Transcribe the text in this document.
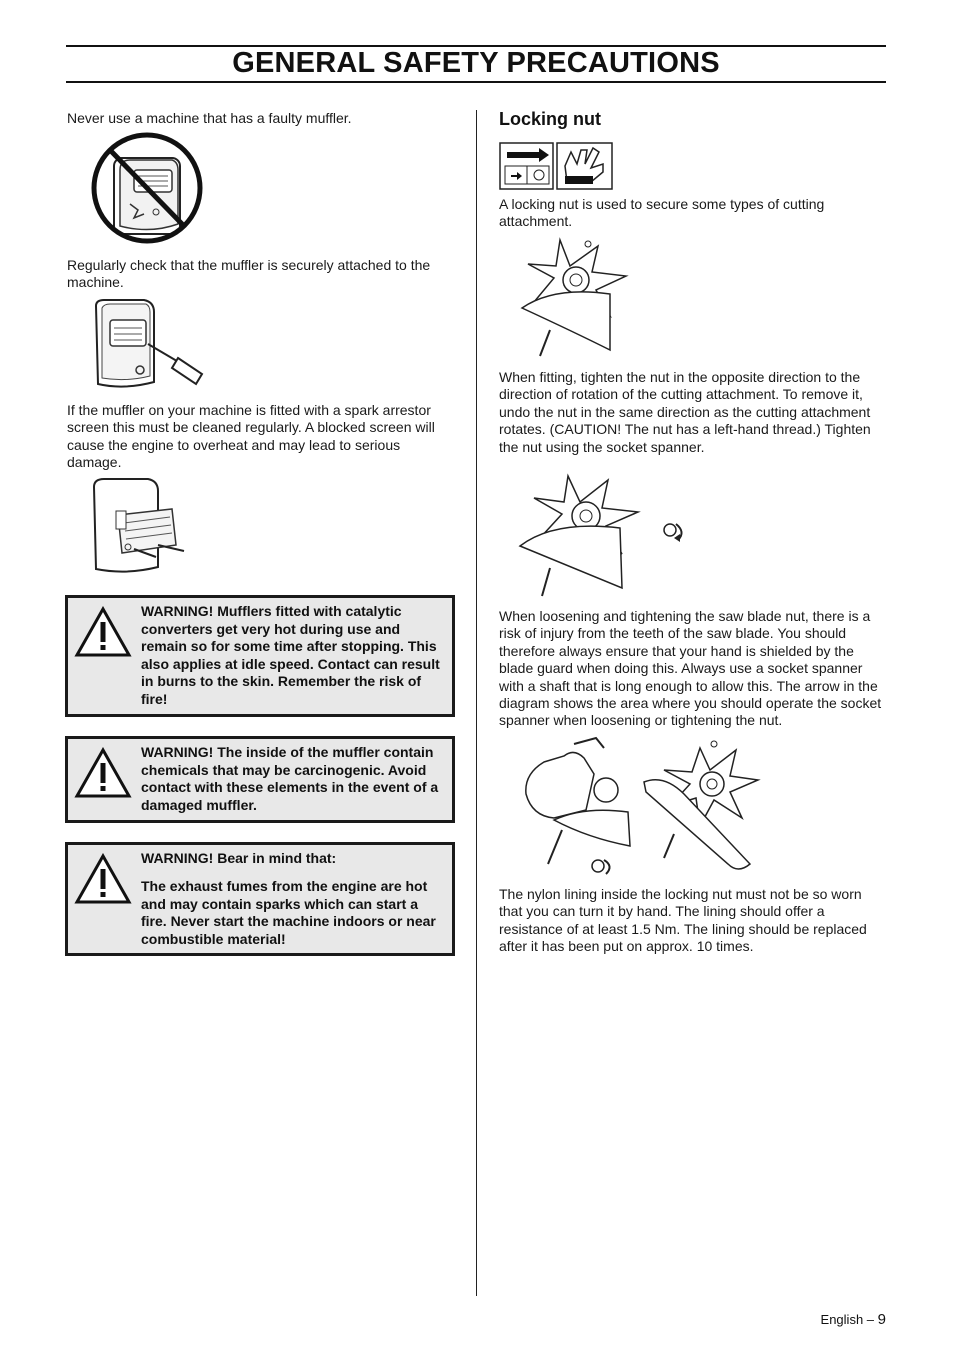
GENERAL SAFETY PRECAUTIONS

Never use a machine that has a faulty muffler.

Regularly check that the muffler is securely attached to the machine.

If the muffler on your machine is fitted with a spark arrestor screen this must be cleaned regularly. A blocked screen will cause the engine to overheat and may lead to serious damage.

WARNING! Mufflers fitted with catalytic converters get very hot during use and remain so for some time after stopping. This also applies at idle speed. Contact can result in burns to the skin. Remember the risk of fire!

WARNING! The inside of the muffler contain chemicals that may be carcinogenic. Avoid contact with these elements in the event of a damaged muffler.

WARNING! Bear in mind that:

The exhaust fumes from the engine are hot and may contain sparks which can start a fire. Never start the machine indoors or near combustible material!

Locking nut

A locking nut is used to secure some types of cutting attachment.

When fitting, tighten the nut in the opposite direction to the direction of rotation of the cutting attachment. To remove it, undo the nut in the same direction as the cutting attachment rotates. (CAUTION! The nut has a left-hand thread.) Tighten the nut using the socket spanner.

When loosening and tightening the saw blade nut, there is a risk of injury from the teeth of the saw blade. You should therefore always ensure that your hand is shielded by the blade guard when doing this. Always use a socket spanner with a shaft that is long enough to allow this. The arrow in the diagram shows the area where you should operate the socket spanner when loosening or tightening the nut.

The nylon lining inside the locking nut must not be so worn that you can turn it by hand. The lining should offer a resistance of at least 1.5 Nm. The lining should be replaced after it has been put on approx. 10 times.

English – 9
